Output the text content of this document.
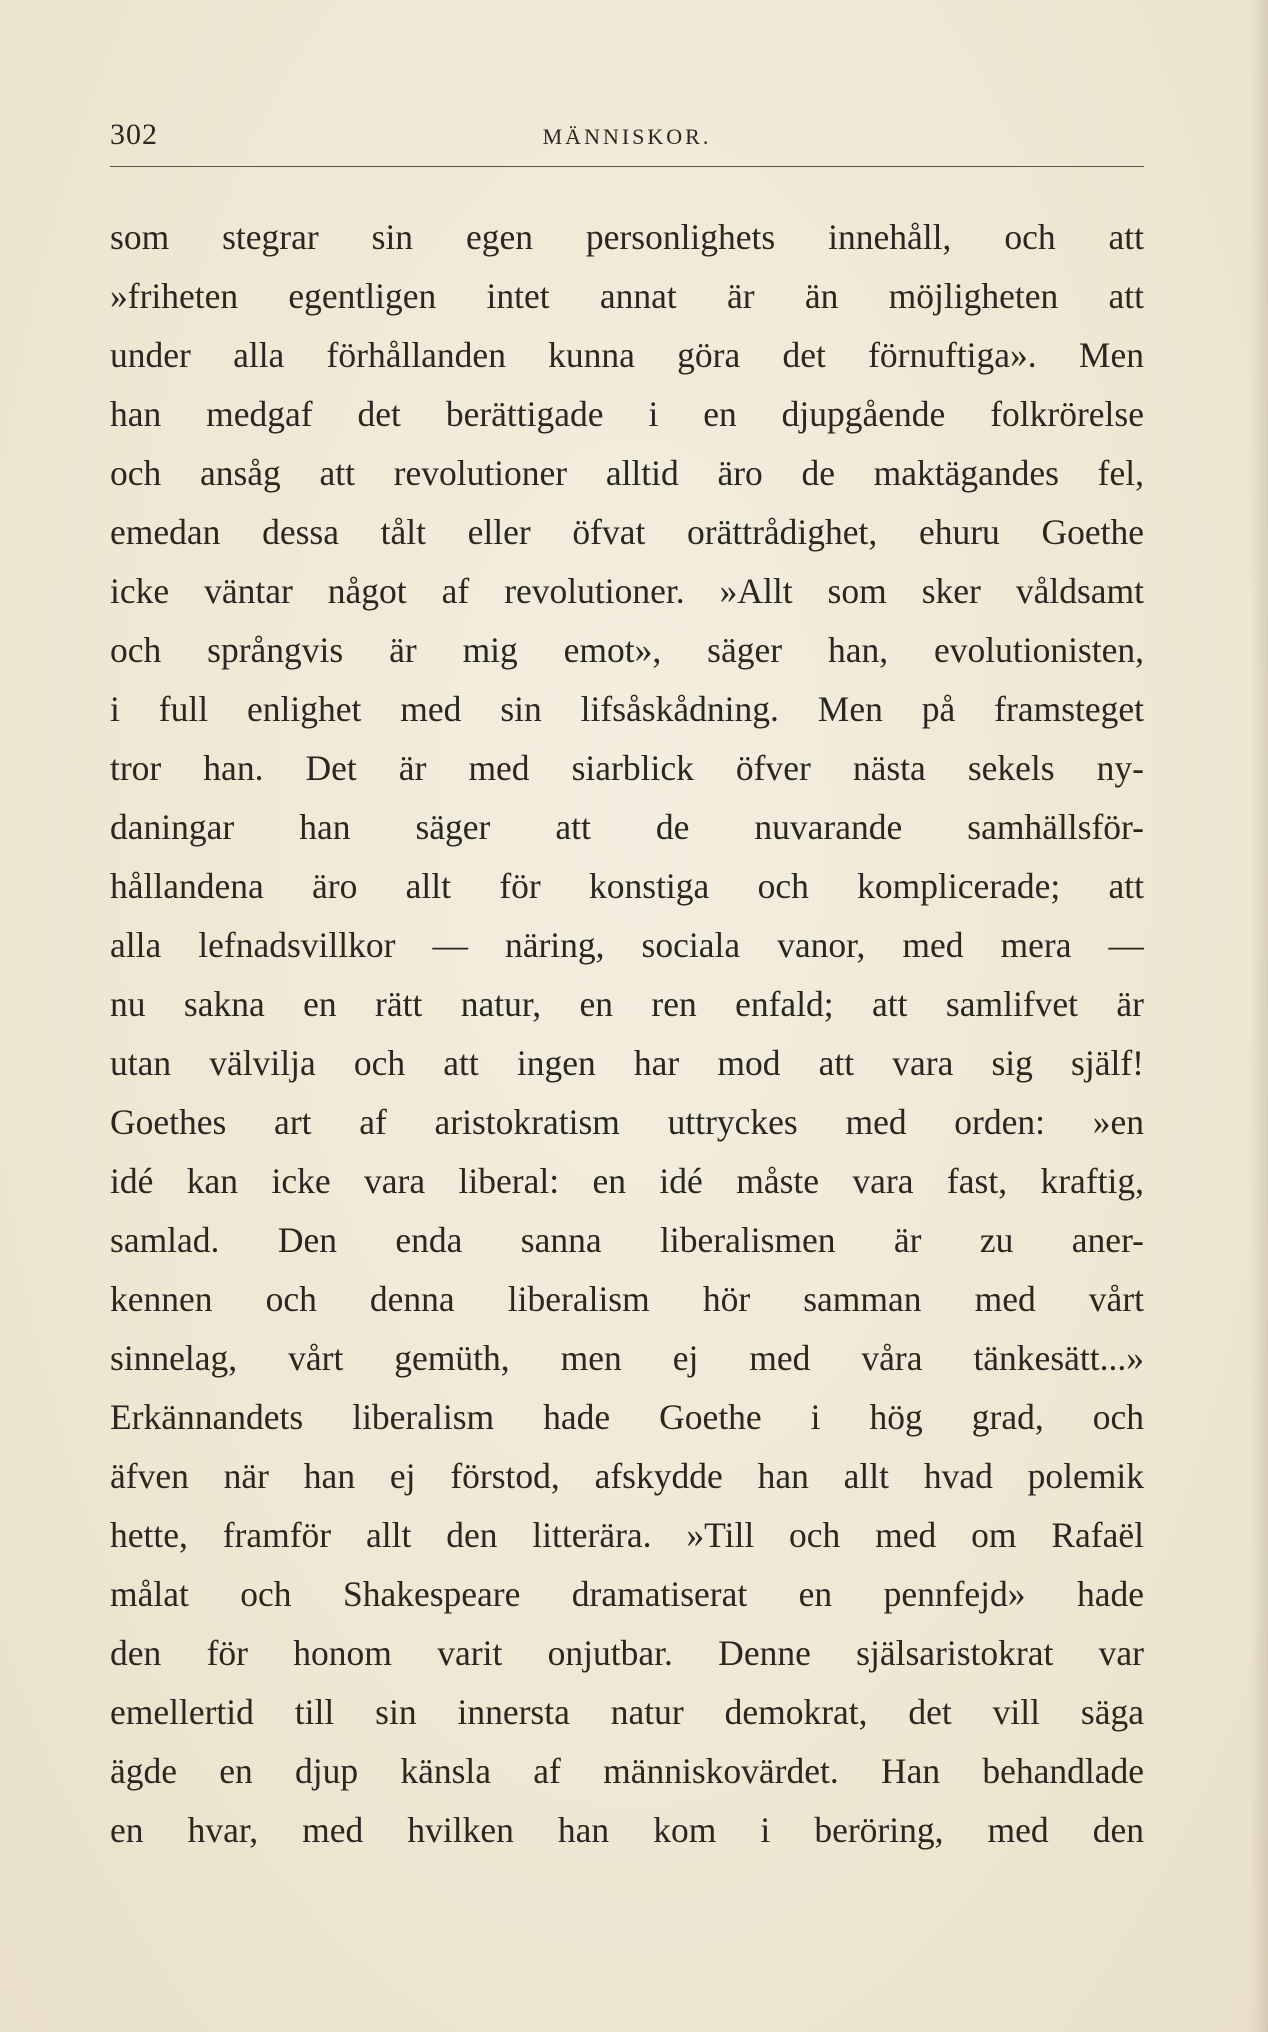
302	MÄNNISKOR.
som stegrar sin egen personlighets innehåll, och att
»friheten egentligen intet annat är än möjligheten att
under alla förhållanden kunna göra det förnuftiga». Men
han medgaf det berättigade i en djupgående folkrörelse
och ansåg att revolutioner alltid äro de maktägandes fel,
emedan dessa tålt eller öfvat orättrådighet, ehuru Goethe
icke väntar något af revolutioner. »Allt som sker våldsamt
och språngvis är mig emot», säger han, evolutionisten,
i full enlighet med sin lifsåskådning. Men på framsteget
tror han. Det är med siarblick öfver nästa sekels ny-
daningar han säger att de nuvarande samhällsför-
hållandena äro allt för konstiga och komplicerade; att
alla lefnadsvillkor — näring, sociala vanor, med mera —
nu sakna en rätt natur, en ren enfald; att samlifvet är
utan välvilja och att ingen har mod att vara sig själf!
Goethes art af aristokratism uttryckes med orden: »en
idé kan icke vara liberal: en idé måste vara fast, kraftig,
samlad. Den enda sanna liberalismen är zu aner-
kennen och denna liberalism hör samman med vårt
sinnelag, vårt gemüth, men ej med våra tänkesätt...»
Erkännandets liberalism hade Goethe i hög grad, och
äfven när han ej förstod, afskydde han allt hvad polemik
hette, framför allt den litterära. »Till och med om Rafaël
målat och Shakespeare dramatiserat en pennfejd» hade
den för honom varit onjutbar. Denne själsaristokrat var
emellertid till sin innersta natur demokrat, det vill säga
ägde en djup känsla af människovärdet. Han behandlade
en hvar, med hvilken han kom i beröring, med den
